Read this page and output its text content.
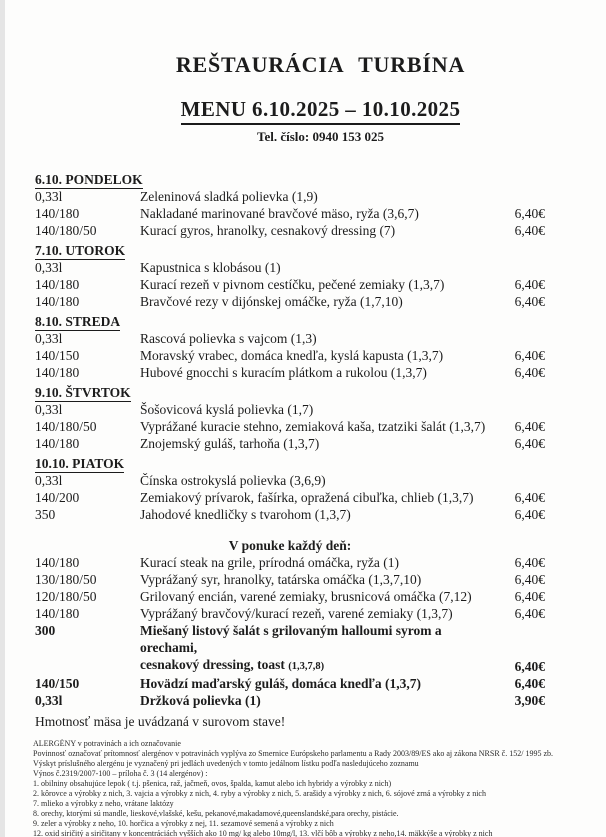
REŠTAURÁCIA TURBÍNA

MENU 6.10.2025 – 10.10.2025
Tel. číslo: 0940 153 025
6.10. PONDELOK
0,33l	Zeleninová sladká polievka (1,9)
140/180	Nakladané marinované bravčové mäso, ryža (3,6,7)	6,40€
140/180/50	Kurací gyros, hranolky, cesnakový dressing (7)	6,40€
7.10. UTOROK
0,33l	Kapustnica s klobásou (1)
140/180	Kurací rezeň v pivnom cestíčku, pečené zemiaky (1,3,7)	6,40€
140/180	Bravčové rezy v dijónskej omáčke, ryža (1,7,10)	6,40€
8.10. STREDA
0,33l	Rascová polievka s vajcom (1,3)
140/150	Moravský vrabec, domáca knedľa, kyslá kapusta (1,3,7)	6,40€
140/180	Hubové gnocchi s kuracím plátkom a rukolou (1,3,7)	6,40€
9.10. ŠTVRTOK
0,33l	Šošovicová kyslá polievka (1,7)
140/180/50	Vyprážané kuracie stehno, zemiaková kaša, tzatziki šalát (1,3,7)	6,40€
140/180	Znojemský guláš, tarhoňa (1,3,7)	6,40€
10.10. PIATOK
0,33l	Čínska ostrokyslá polievka (3,6,9)
140/200	Zemiakový prívarok, fašírka, opražená cibuľka, chlieb (1,3,7)	6,40€
350	Jahodové knedličky s tvarohom (1,3,7)	6,40€
V ponuke každý deň:
140/180	Kurací steak na grile, prírodná omáčka, ryža (1)	6,40€
130/180/50	Vyprážaný syr, hranolky, tatárska omáčka (1,3,7,10)	6,40€
120/180/50	Grilovaný encián, varené zemiaky, brusnicová omáčka (7,12)	6,40€
140/180	Vyprážaný bravčový/kurací rezeň, varené zemiaky (1,3,7)	6,40€
300	Miešaný listový šalát s grilovaným halloumi syrom a orechami,
cesnakový dressing, toast (1,3,7,8)	6,40€
140/150	Hovädzí maďarský guláš, domáca knedľa (1,3,7)	6,40€
0,33l	Držková polievka (1)	3,90€

Hmotnosť mäsa je uvádzaná v surovom stave!

ALERGÉNY v potravinách a ich označovanie
Povinnosť označovať prítomnosť alergénov v potravinách vyplýva zo Smernice Európskeho parlamentu a Rady 2003/89/ES ako aj zákona NRSR č. 152/ 1995 zb.
Výskyt príslušného alergénu je vyznačený pri jedlách uvedených v tomto jedálnom lístku podľa nasledujúceho zoznamu
Výnos č.2319/2007-100 – príloha č. 3 (14 alergénov) :
1. obilniny obsahujúce lepok ( t.j. pšenica, raž, jačmeň, ovos, špalda, kamut alebo ich hybridy a výrobky z nich)
2. kôrovce a výrobky z nich, 3. vajcia a výrobky z nich, 4. ryby a výrobky z nich, 5. arašidy a výrobky z nich, 6. sójové zrná a výrobky z nich
7. mlieko a výrobky z neho, vrátane laktózy
8. orechy, ktorými sú mandle, lieskové,vlašské, kešu, pekanové,makadamové,queenslandské,para orechy, pistácie.
9. zeler a výrobky z neho, 10. horčica a výrobky z nej, 11. sezamové semená a výrobky z nich
12. oxid siričitý a siričitany v koncentráciách vyšších ako 10 mg/ kg alebo 10mg/l, 13. vlčí bôb a výrobky z neho,14. mäkkýše a výrobky z nich
